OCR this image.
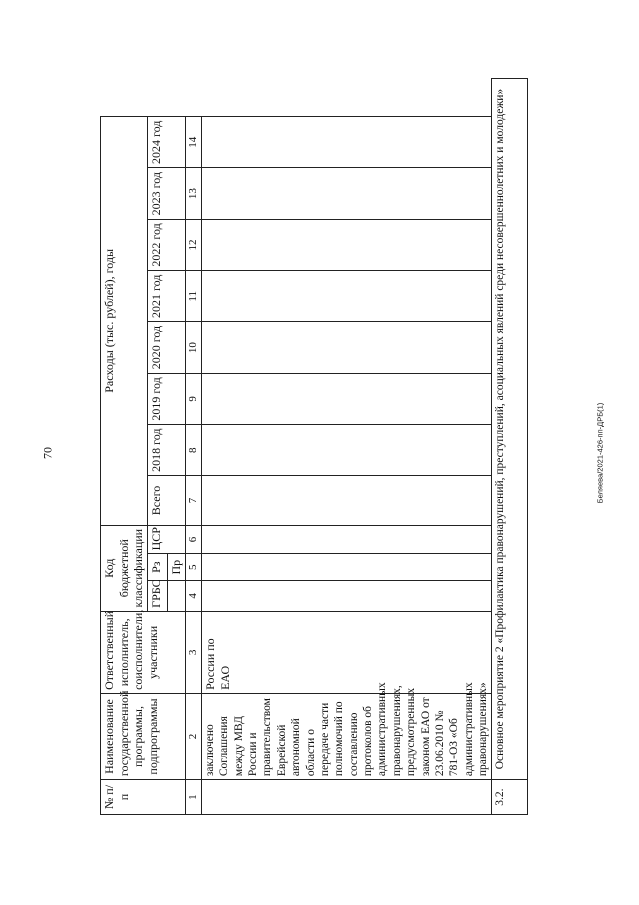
70	Беляева/2021-426-пп-ДРБ(1)
№ п/п	Наименование государственной программы, подпрограммы	Ответственный исполнитель, соисполнители, участники	Код бюджетной классификации			Расходы (тыс. рублей), годы								
			ГРБС	Рз	ЦСР	Всего	2018 год	2019 год	2020 год	2021 год	2022 год	2023 год	2024 год	
				Пр										
1	2	3	4	5	6	7	8	9	10	11	12	13	14	
	заключено Соглашения между МВД России и правительством Еврейской автономной области о передаче части полномочий по составлению протоколов об административных правонарушениях, предусмотренных законом ЕАО от 23.06.2010 № 781-ОЗ «Об административных правонарушениях»	России по ЕАО												
3.2.	Основное мероприятие 2 «Профилактика правонарушений, преступлений, асоциальных явлений среди несовершеннолетних и молодежи»													
